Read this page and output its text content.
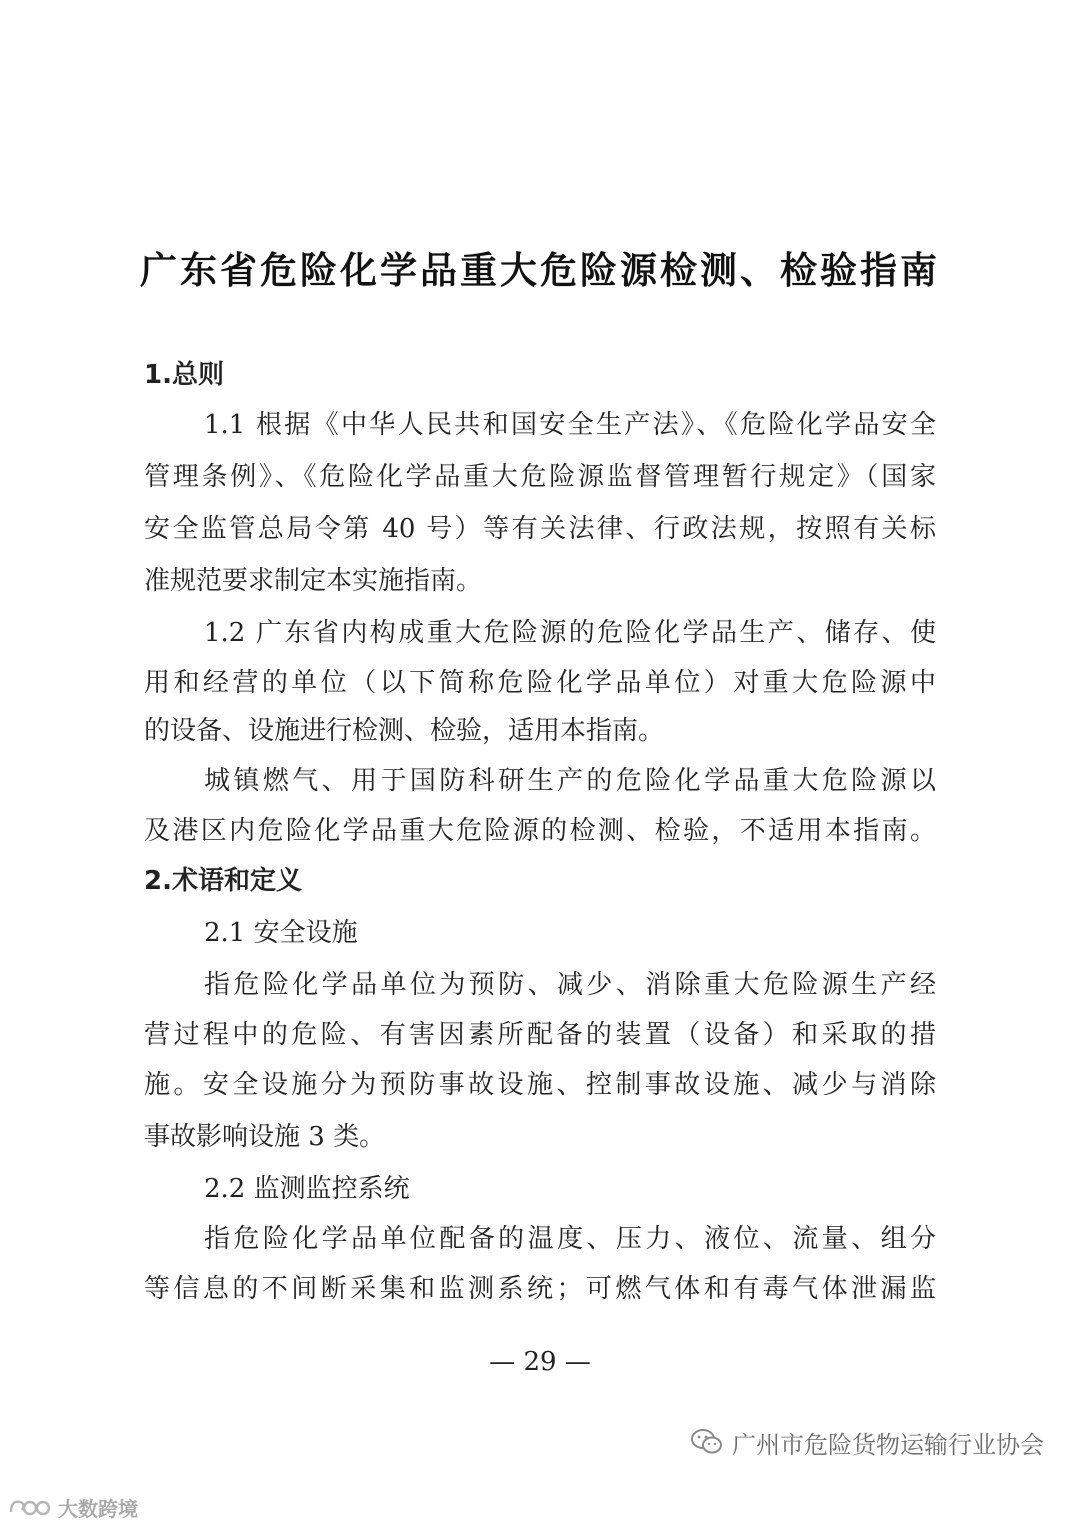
广东省危险化学品重大危险源检测、检验指南
1.总则
1.1 根据《中华人民共和国安全生产法》、《危险化学品安全
管理条例》、《危险化学品重大危险源监督管理暂行规定》（国家
安全监管总局令第 40 号）等有关法律、行政法规，按照有关标
准规范要求制定本实施指南。
1.2 广东省内构成重大危险源的危险化学品生产、储存、使
用和经营的单位（以下简称危险化学品单位）对重大危险源中
的设备、设施进行检测、检验，适用本指南。
城镇燃气、用于国防科研生产的危险化学品重大危险源以
及港区内危险化学品重大危险源的检测、检验，不适用本指南。
2.术语和定义
2.1 安全设施
指危险化学品单位为预防、减少、消除重大危险源生产经
营过程中的危险、有害因素所配备的装置（设备）和采取的措
施。安全设施分为预防事故设施、控制事故设施、减少与消除
事故影响设施 3 类。
2.2 监测监控系统
指危险化学品单位配备的温度、压力、液位、流量、组分
等信息的不间断采集和监测系统；可燃气体和有毒气体泄漏监
— 29 —
广州市危险货物运输行业协会
大数跨境
